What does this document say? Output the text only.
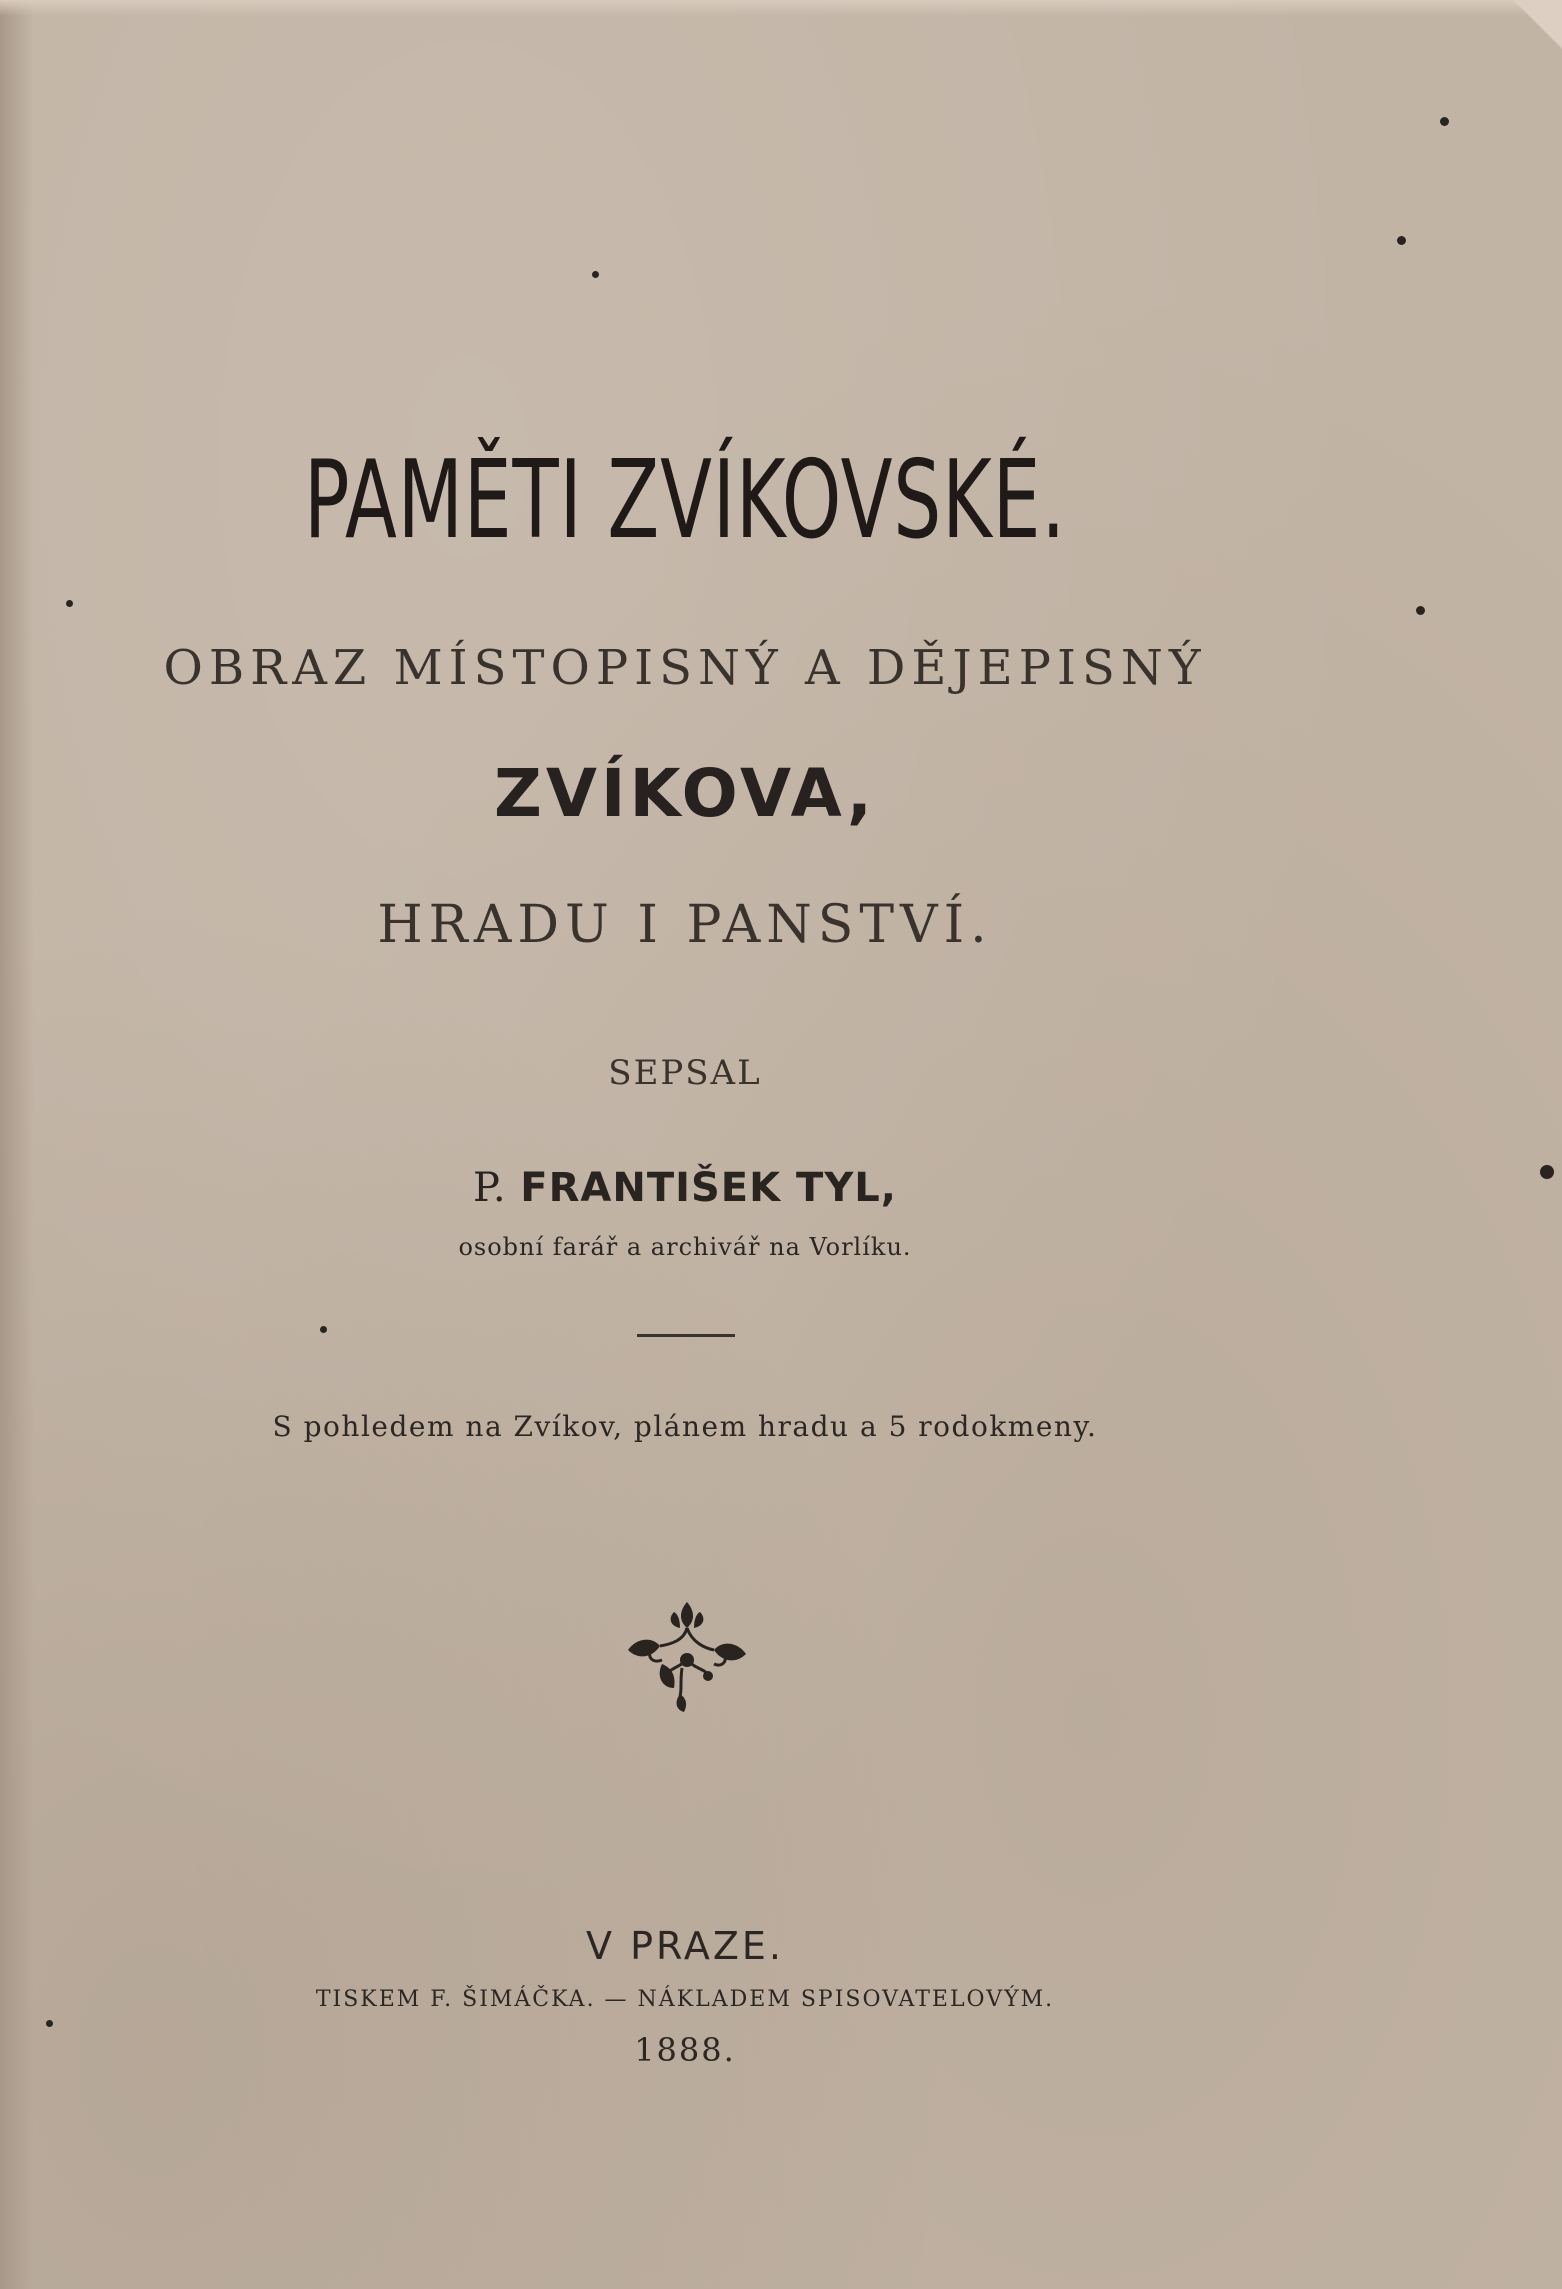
PAMĚTI ZVÍKOVSKÉ.
OBRAZ MÍSTOPISNÝ A DĚJEPISNÝ
ZVÍKOVA,
HRADU I PANSTVÍ.
SEPSAL
P. FRANTIŠEK TYL,
osobní farář a archivář na Vorlíku.
S pohledem na Zvíkov, plánem hradu a 5 rodokmeny.
V PRAZE.
TISKEM F. ŠIMÁČKA. — NÁKLADEM SPISOVATELOVÝM.
1888.
